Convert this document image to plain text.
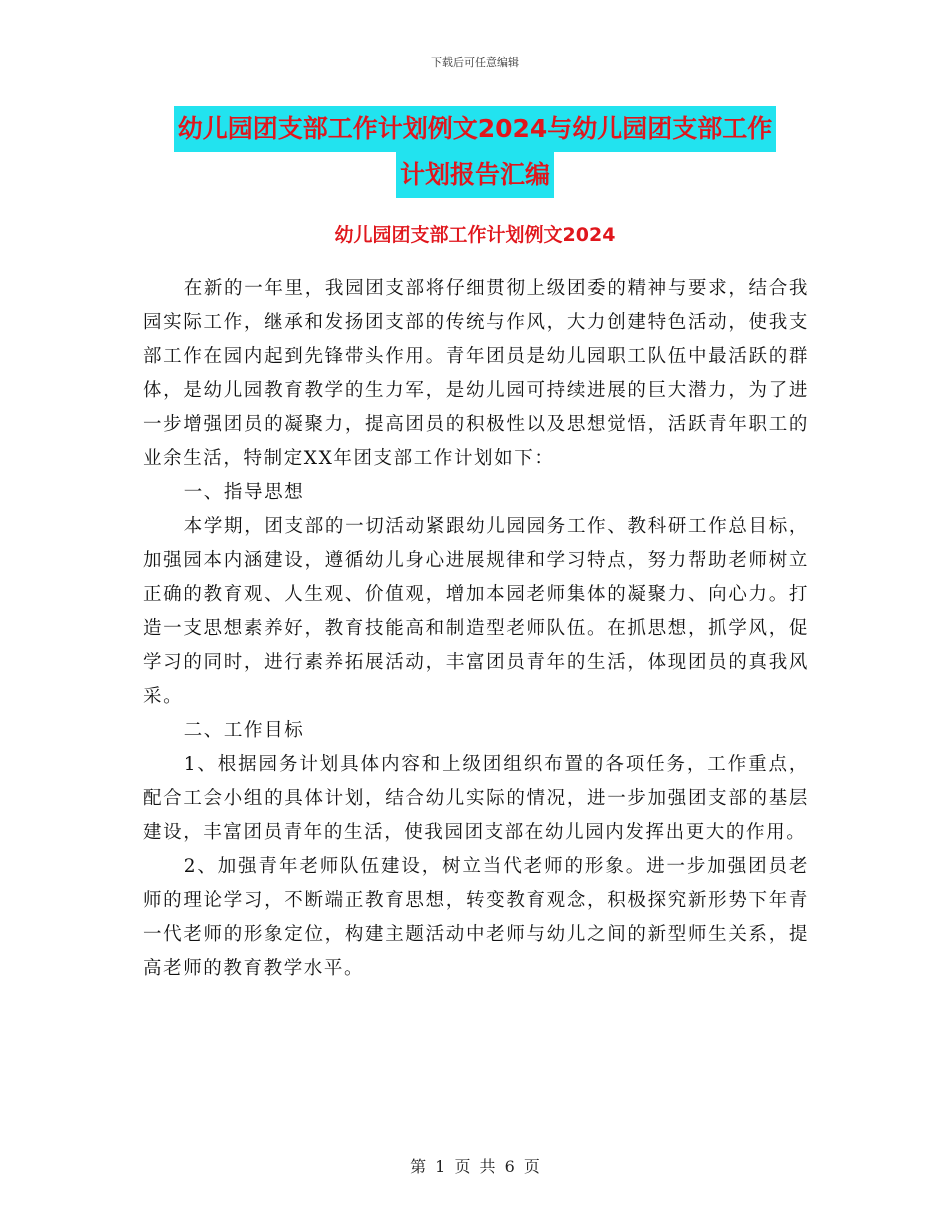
下载后可任意编辑
幼儿园团支部工作计划例文2024与幼儿园团支部工作
计划报告汇编
幼儿园团支部工作计划例文2024

在新的一年里，我园团支部将仔细贯彻上级团委的精神与要求，结合我园实际工作，继承和发扬团支部的传统与作风，大力创建特色活动，使我支部工作在园内起到先锋带头作用。青年团员是幼儿园职工队伍中最活跃的群体，是幼儿园教育教学的生力军，是幼儿园可持续进展的巨大潜力，为了进一步增强团员的凝聚力，提高团员的积极性以及思想觉悟，活跃青年职工的业余生活，特制定XX年团支部工作计划如下：

一、指导思想

本学期，团支部的一切活动紧跟幼儿园园务工作、教科研工作总目标，加强园本内涵建设，遵循幼儿身心进展规律和学习特点，努力帮助老师树立正确的教育观、人生观、价值观，增加本园老师集体的凝聚力、向心力。打造一支思想素养好，教育技能高和制造型老师队伍。在抓思想，抓学风，促学习的同时，进行素养拓展活动，丰富团员青年的生活，体现团员的真我风采。

二、工作目标

1、根据园务计划具体内容和上级团组织布置的各项任务，工作重点，配合工会小组的具体计划，结合幼儿实际的情况，进一步加强团支部的基层建设，丰富团员青年的生活，使我园团支部在幼儿园内发挥出更大的作用。

2、加强青年老师队伍建设，树立当代老师的形象。进一步加强团员老师的理论学习，不断端正教育思想，转变教育观念，积极探究新形势下年青一代老师的形象定位，构建主题活动中老师与幼儿之间的新型师生关系，提高老师的教育教学水平。

第 1 页 共 6 页
